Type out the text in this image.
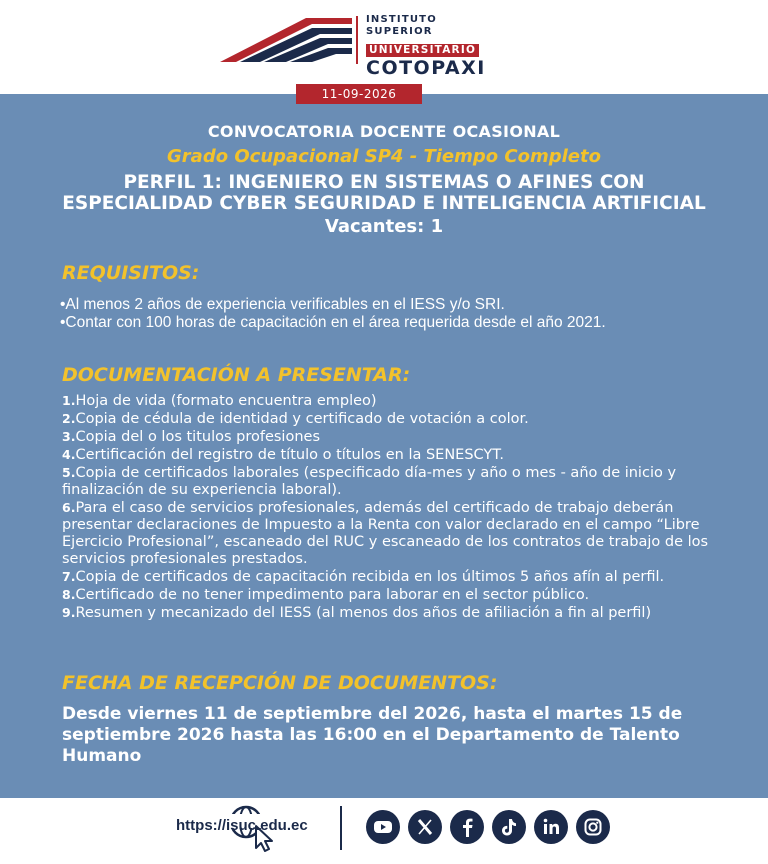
INSTITUTO SUPERIOR
UNIVERSITARIO
COTOPAXI
11-09-2026
CONVOCATORIA DOCENTE OCASIONAL
Grado Ocupacional SP4 - Tiempo Completo
PERFIL 1: INGENIERO EN SISTEMAS O AFINES CON
ESPECIALIDAD CYBER SEGURIDAD E INTELIGENCIA ARTIFICIAL
Vacantes: 1
REQUISITOS:
•Al menos 2 años de experiencia verificables en el IESS y/o SRI.
•Contar con 100 horas de capacitación en el área requerida desde el año 2021.
DOCUMENTACIÓN A PRESENTAR:
1.Hoja de vida (formato encuentra empleo)
2.Copia de cédula de identidad y certificado de votación a color.
3.Copia del o los titulos profesiones
4.Certificación del registro de título o títulos en la SENESCYT.
5.Copia de certificados laborales (especificado día-mes y año o mes - año de inicio y finalización de su experiencia laboral).
6.Para el caso de servicios profesionales, además del certificado de trabajo deberán presentar declaraciones de Impuesto a la Renta con valor declarado en el campo “Libre Ejercicio Profesional”, escaneado del RUC y escaneado de los contratos de trabajo de los servicios profesionales prestados.
7.Copia de certificados de capacitación recibida en los últimos 5 años afín al perfil.
8.Certificado de no tener impedimento para laborar en el sector público.
9.Resumen y mecanizado del IESS (al menos dos años de afiliación a fin al perfil)
FECHA DE RECEPCIÓN DE DOCUMENTOS:
Desde viernes 11 de septiembre del 2026, hasta el martes 15 de septiembre 2026 hasta las 16:00 en el Departamento de Talento Humano
https://isuc.edu.ec
